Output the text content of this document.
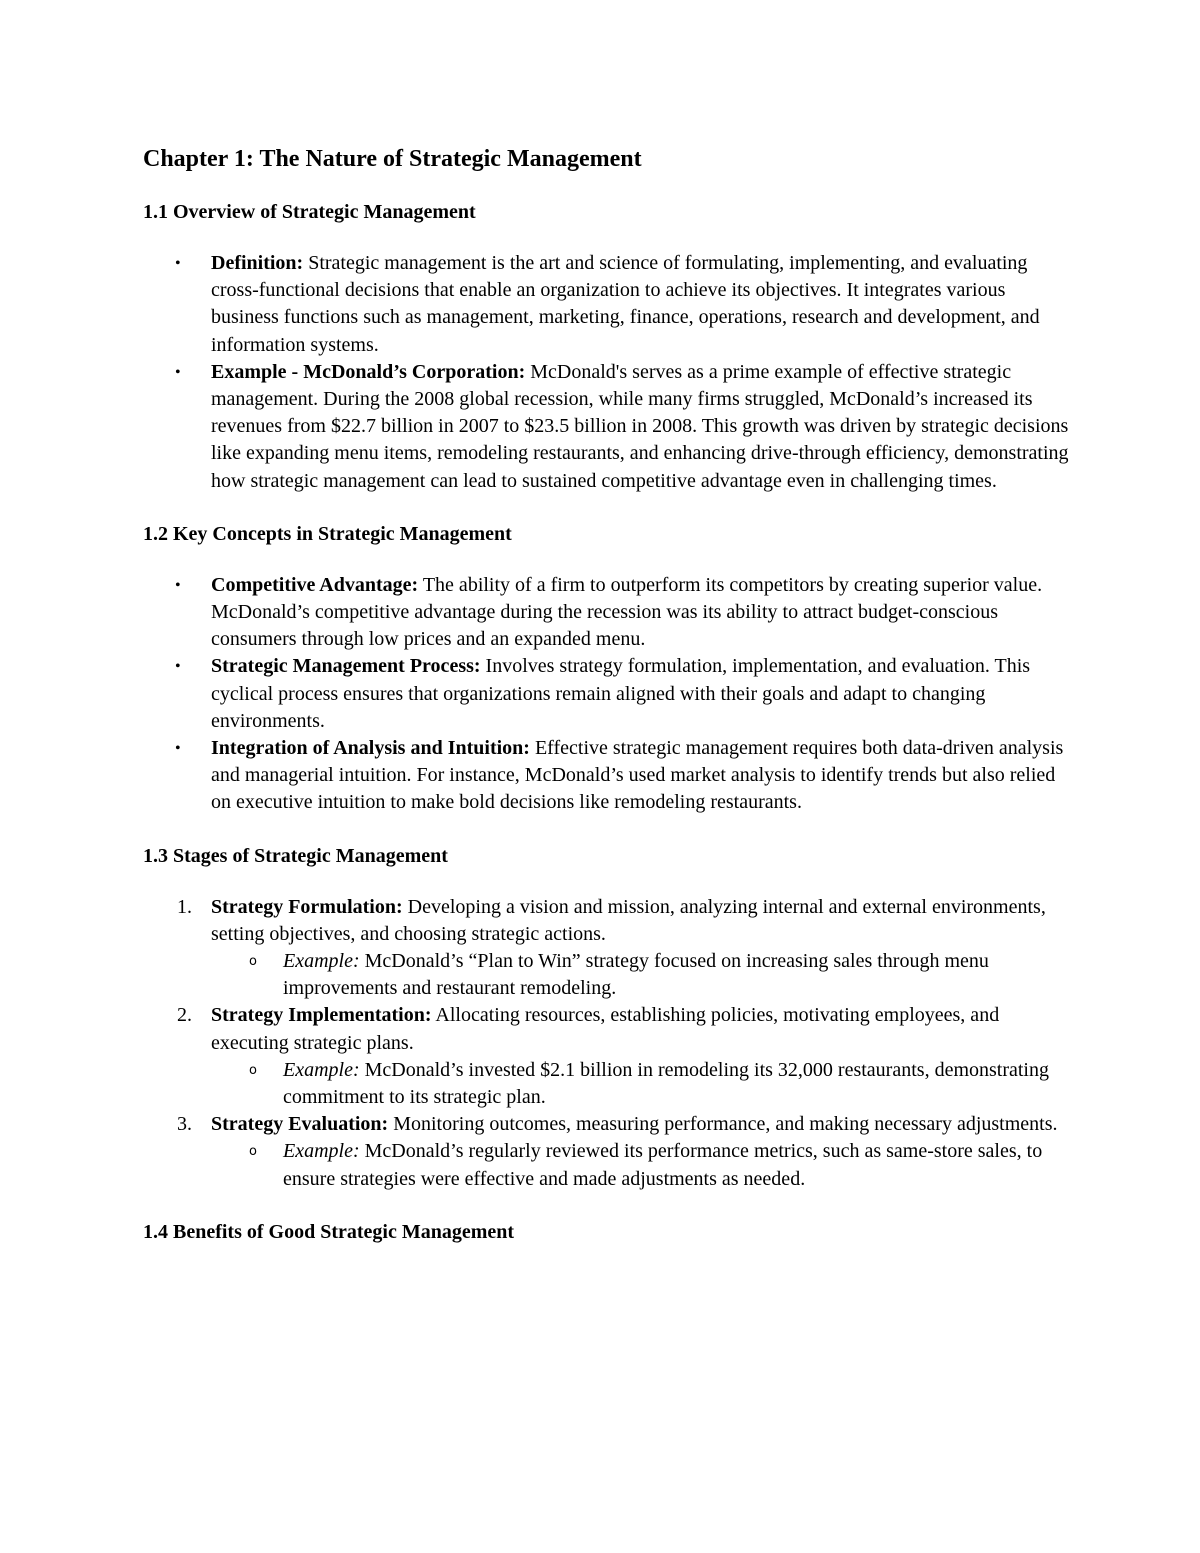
Chapter 1: The Nature of Strategic Management
1.1 Overview of Strategic Management
• Definition: Strategic management is the art and science of formulating, implementing, and evaluating cross-functional decisions that enable an organization to achieve its objectives. It integrates various business functions such as management, marketing, finance, operations, research and development, and information systems.
• Example - McDonald’s Corporation: McDonald's serves as a prime example of effective strategic management. During the 2008 global recession, while many firms struggled, McDonald’s increased its revenues from $22.7 billion in 2007 to $23.5 billion in 2008. This growth was driven by strategic decisions like expanding menu items, remodeling restaurants, and enhancing drive-through efficiency, demonstrating how strategic management can lead to sustained competitive advantage even in challenging times.
1.2 Key Concepts in Strategic Management
• Competitive Advantage: The ability of a firm to outperform its competitors by creating superior value. McDonald’s competitive advantage during the recession was its ability to attract budget-conscious consumers through low prices and an expanded menu.
• Strategic Management Process: Involves strategy formulation, implementation, and evaluation. This cyclical process ensures that organizations remain aligned with their goals and adapt to changing environments.
• Integration of Analysis and Intuition: Effective strategic management requires both data-driven analysis and managerial intuition. For instance, McDonald’s used market analysis to identify trends but also relied on executive intuition to make bold decisions like remodeling restaurants.
1.3 Stages of Strategic Management
1. Strategy Formulation: Developing a vision and mission, analyzing internal and external environments, setting objectives, and choosing strategic actions.
o Example: McDonald’s “Plan to Win” strategy focused on increasing sales through menu improvements and restaurant remodeling.
2. Strategy Implementation: Allocating resources, establishing policies, motivating employees, and executing strategic plans.
o Example: McDonald’s invested $2.1 billion in remodeling its 32,000 restaurants, demonstrating commitment to its strategic plan.
3. Strategy Evaluation: Monitoring outcomes, measuring performance, and making necessary adjustments.
o Example: McDonald’s regularly reviewed its performance metrics, such as same-store sales, to ensure strategies were effective and made adjustments as needed.
1.4 Benefits of Good Strategic Management
